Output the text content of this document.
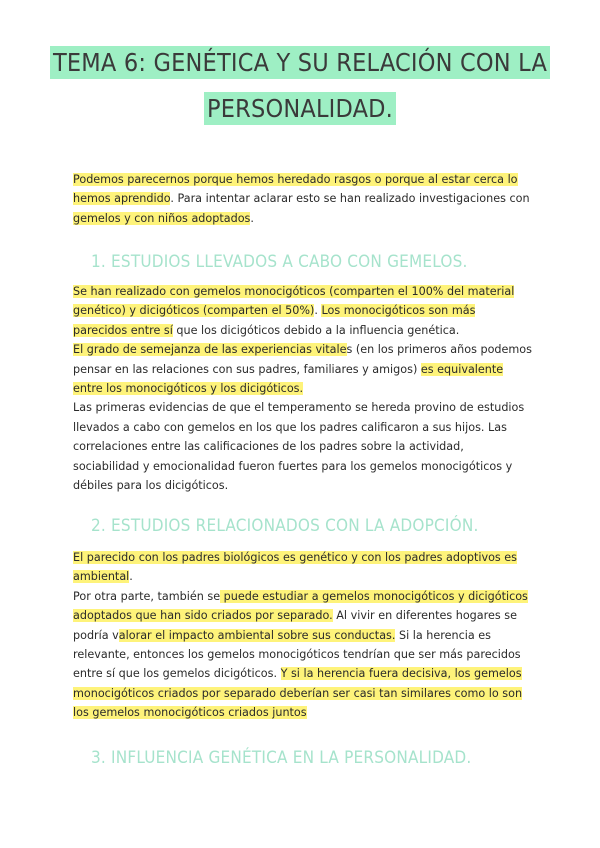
TEMA 6: GENÉTICA Y SU RELACIÓN CON LA PERSONALIDAD.
Podemos parecernos porque hemos heredado rasgos o porque al estar cerca lo hemos aprendido. Para intentar aclarar esto se han realizado investigaciones con gemelos y con niños adoptados.
1. ESTUDIOS LLEVADOS A CABO CON GEMELOS.
Se han realizado con gemelos monocigóticos (comparten el 100% del material genético) y dicigóticos (comparten el 50%). Los monocigóticos son más parecidos entre sí que los dicigóticos debido a la influencia genética.
El grado de semejanza de las experiencias vitales (en los primeros años podemos pensar en las relaciones con sus padres, familiares y amigos) es equivalente entre los monocigóticos y los dicigóticos.
Las primeras evidencias de que el temperamento se hereda provino de estudios llevados a cabo con gemelos en los que los padres calificaron a sus hijos. Las correlaciones entre las calificaciones de los padres sobre la actividad, sociabilidad y emocionalidad fueron fuertes para los gemelos monocigóticos y débiles para los dicigóticos.
2. ESTUDIOS RELACIONADOS CON LA ADOPCIÓN.
El parecido con los padres biológicos es genético y con los padres adoptivos es ambiental.
Por otra parte, también se puede estudiar a gemelos monocigóticos y dicigóticos adoptados que han sido criados por separado. Al vivir en diferentes hogares se podría valorar el impacto ambiental sobre sus conductas. Si la herencia es relevante, entonces los gemelos monocigóticos tendrían que ser más parecidos entre sí que los gemelos dicigóticos. Y si la herencia fuera decisiva, los gemelos monocigóticos criados por separado deberían ser casi tan similares como lo son los gemelos monocigóticos criados juntos
3. INFLUENCIA GENÉTICA EN LA PERSONALIDAD.
